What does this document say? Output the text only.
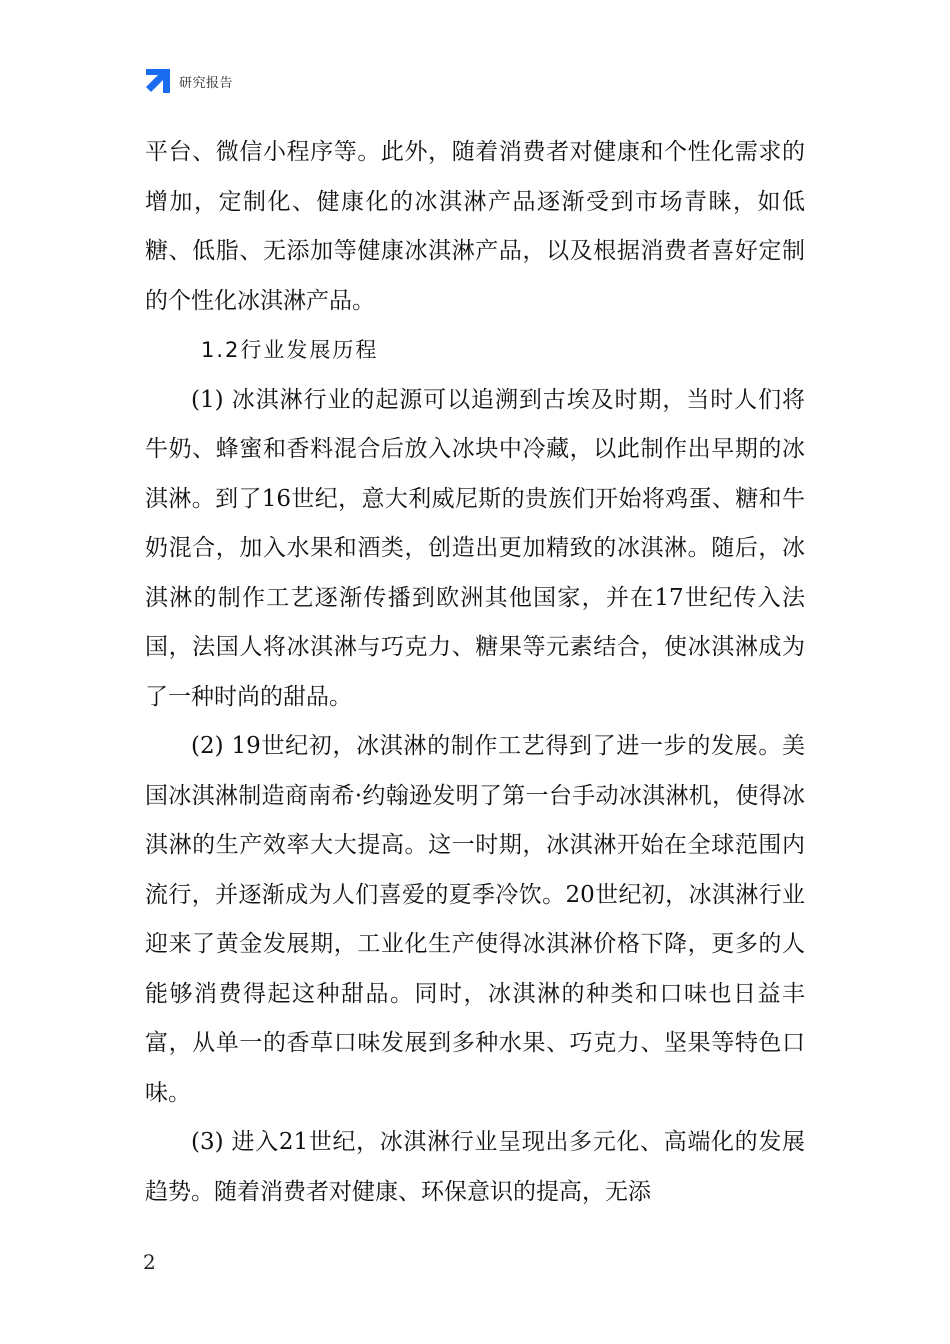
研究报告

平台、微信小程序等。此外，随着消费者对健康和个性化需求的增加，定制化、健康化的冰淇淋产品逐渐受到市场青睐，如低糖、低脂、无添加等健康冰淇淋产品，以及根据消费者喜好定制的个性化冰淇淋产品。

1.2行业发展历程

(1) 冰淇淋行业的起源可以追溯到古埃及时期，当时人们将牛奶、蜂蜜和香料混合后放入冰块中冷藏，以此制作出早期的冰淇淋。到了16世纪，意大利威尼斯的贵族们开始将鸡蛋、糖和牛奶混合，加入水果和酒类，创造出更加精致的冰淇淋。随后，冰淇淋的制作工艺逐渐传播到欧洲其他国家，并在17世纪传入法国，法国人将冰淇淋与巧克力、糖果等元素结合，使冰淇淋成为了一种时尚的甜品。

(2) 19世纪初，冰淇淋的制作工艺得到了进一步的发展。美国冰淇淋制造商南希·约翰逊发明了第一台手动冰淇淋机，使得冰淇淋的生产效率大大提高。这一时期，冰淇淋开始在全球范围内流行，并逐渐成为人们喜爱的夏季冷饮。20世纪初，冰淇淋行业迎来了黄金发展期，工业化生产使得冰淇淋价格下降，更多的人能够消费得起这种甜品。同时，冰淇淋的种类和口味也日益丰富，从单一的香草口味发展到多种水果、巧克力、坚果等特色口味。

(3) 进入21世纪，冰淇淋行业呈现出多元化、高端化的发展趋势。随着消费者对健康、环保意识的提高，无添

2
